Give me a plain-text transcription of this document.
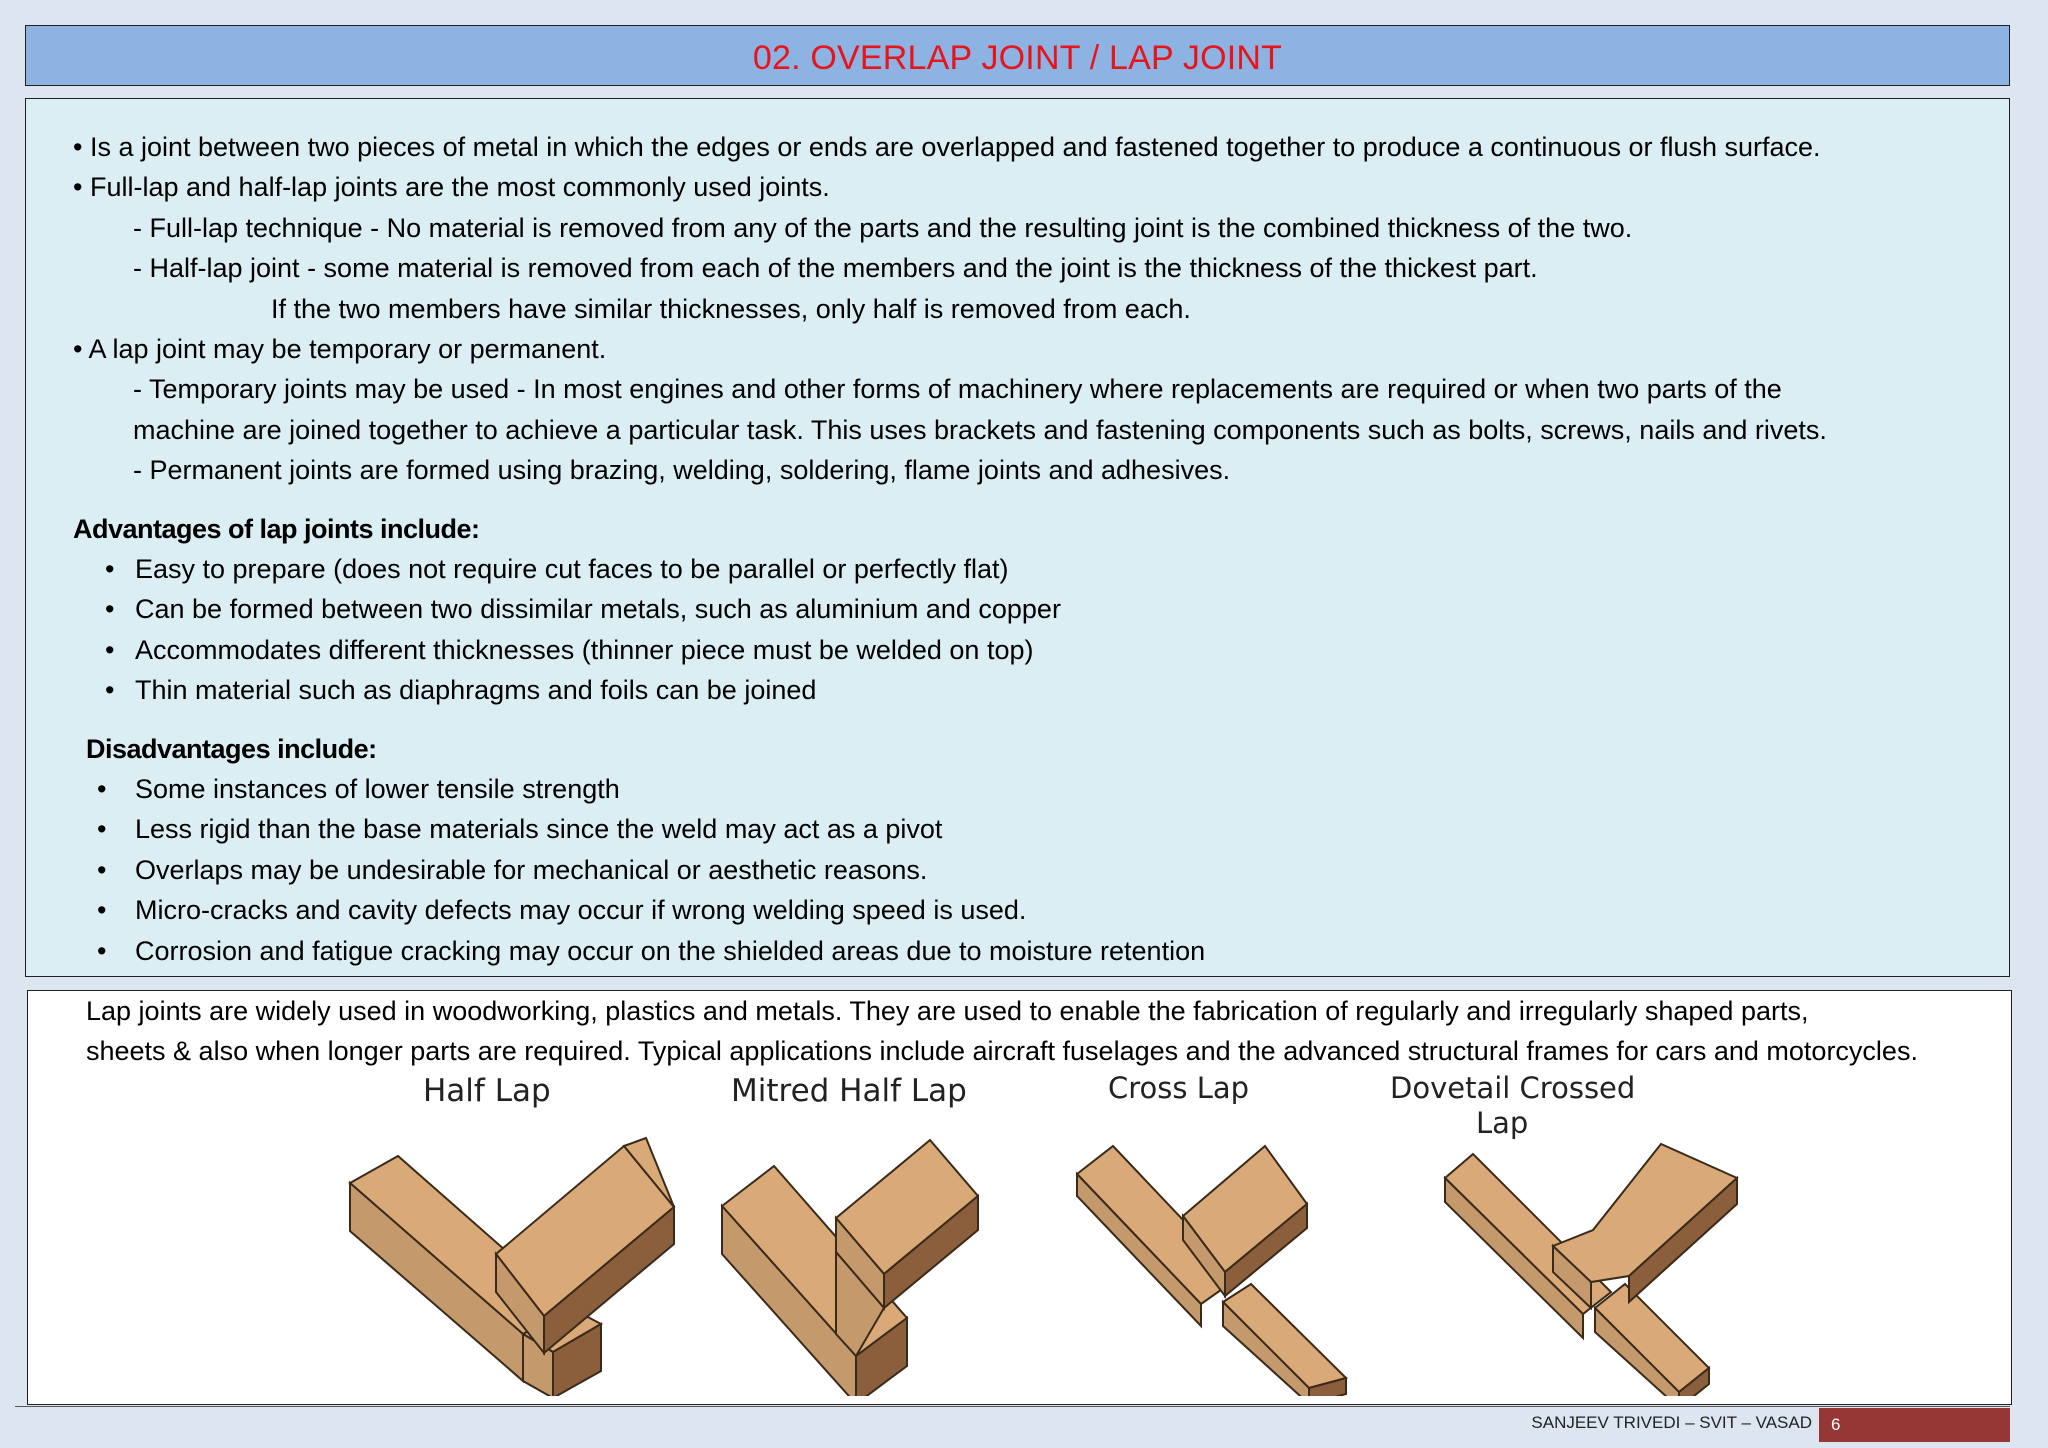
02. OVERLAP JOINT / LAP JOINT
• Is a joint between two pieces of metal in which the edges or ends are overlapped and fastened together to produce a continuous or flush surface.
• Full-lap and half-lap joints are the most commonly used joints.
- Full-lap technique - No material is removed from any of the parts and the resulting joint is the combined thickness of the two.
- Half-lap joint - some material is removed from each of the members and the joint is the thickness of the thickest part.
If the two members have similar thicknesses, only half is removed from each.
• A lap joint may be temporary or permanent.
- Temporary joints may be used - In most engines and other forms of machinery where replacements are required or when two parts of the
machine are joined together to achieve a particular task. This uses brackets and fastening components such as bolts, screws, nails and rivets.
- Permanent joints are formed using brazing, welding, soldering, flame joints and adhesives.
Advantages of lap joints include:
• Easy to prepare (does not require cut faces to be parallel or perfectly flat)
• Can be formed between two dissimilar metals, such as aluminium and copper
• Accommodates different thicknesses (thinner piece must be welded on top)
• Thin material such as diaphragms and foils can be joined
Disadvantages include:
• Some instances of lower tensile strength
• Less rigid than the base materials since the weld may act as a pivot
• Overlaps may be undesirable for mechanical or aesthetic reasons.
• Micro-cracks and cavity defects may occur if wrong welding speed is used.
• Corrosion and fatigue cracking may occur on the shielded areas due to moisture retention
Lap joints are widely used in woodworking, plastics and metals. They are used to enable the fabrication of regularly and irregularly shaped parts,
sheets & also when longer parts are required. Typical applications include aircraft fuselages and the advanced structural frames for cars and motorcycles.
Half Lap	Mitred Half Lap	Cross Lap	Dovetail Crossed
Lap
SANJEEV TRIVEDI – SVIT – VASAD	6
